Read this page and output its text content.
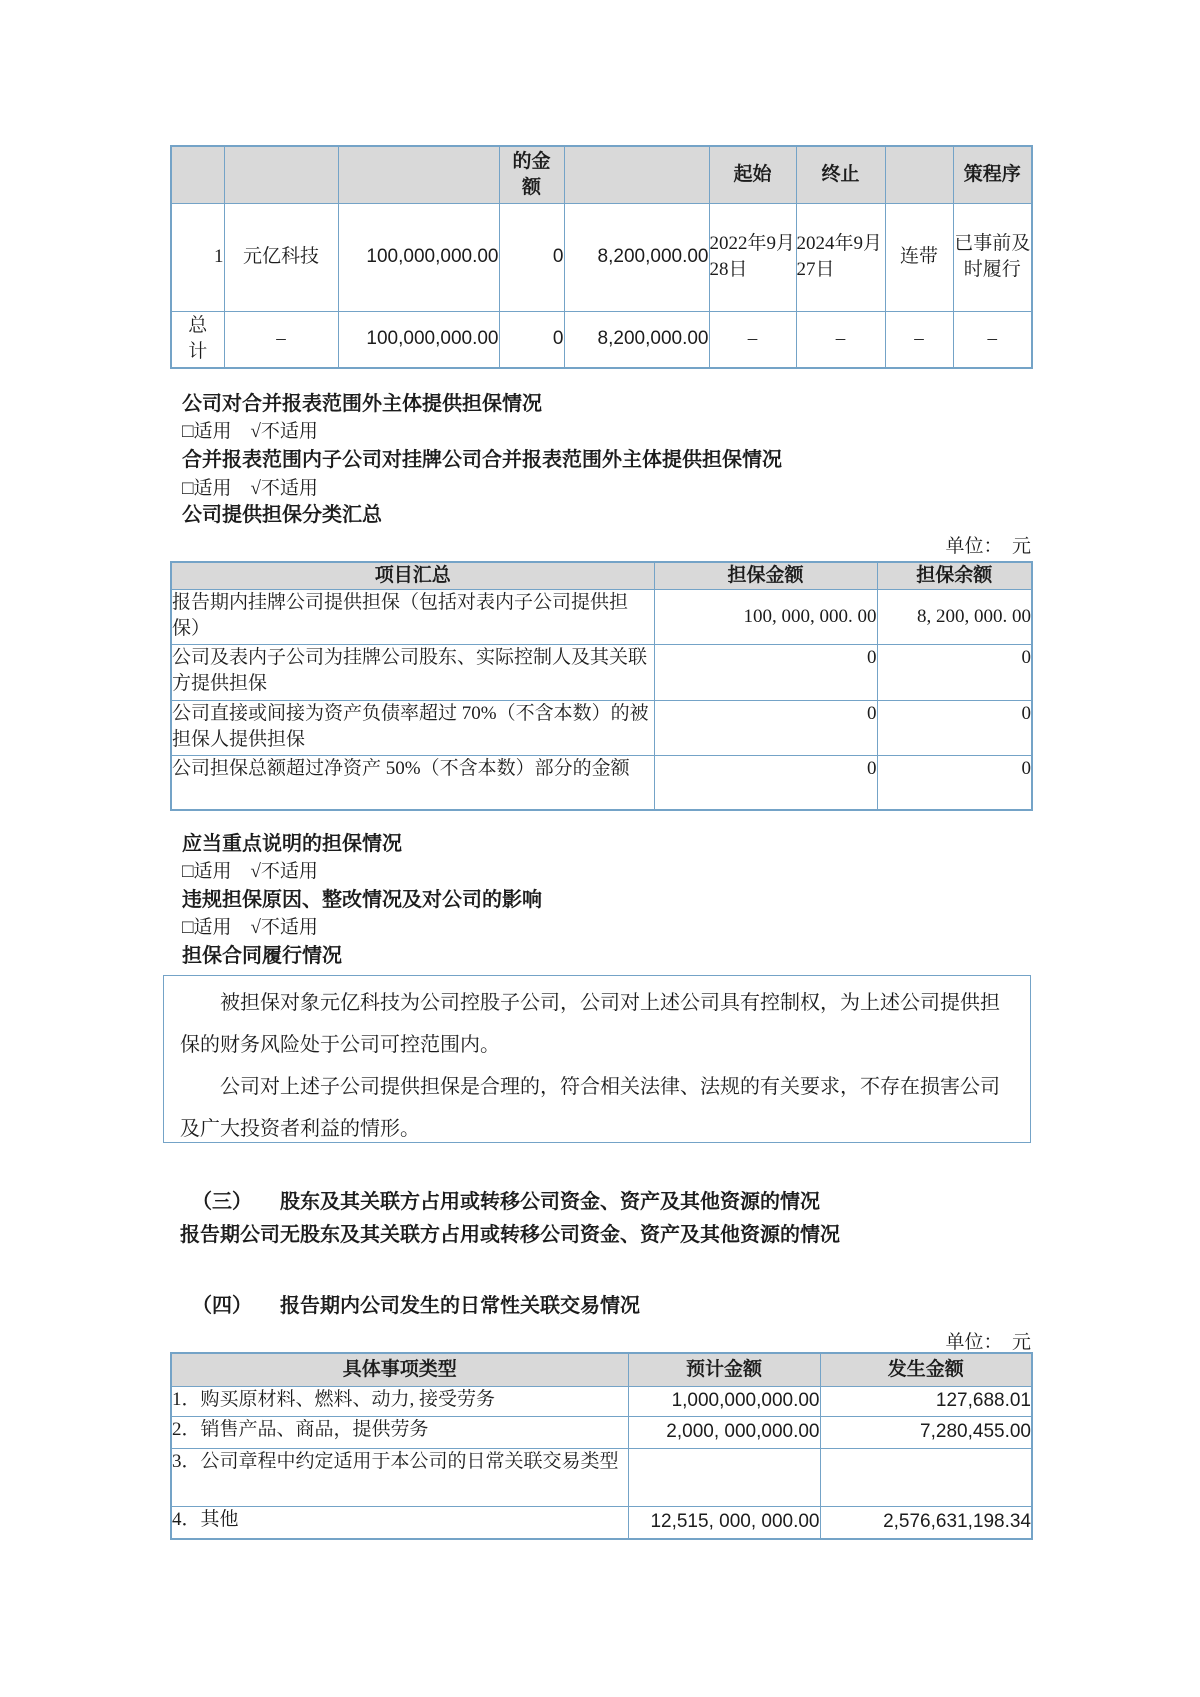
			的金额		起始	终止		策程序
1	元亿科技	100,000,000.00	0	8,200,000.00	2022年9月28日	2024年9月27日	连带	已事前及时履行
总计	–	100,000,000.00	0	8,200,000.00	–	–	–	–
公司对合并报表范围外主体提供担保情况
□适用　√不适用
合并报表范围内子公司对挂牌公司合并报表范围外主体提供担保情况
□适用　√不适用
公司提供担保分类汇总
单位：　元
项目汇总	担保金额	担保余额
报告期内挂牌公司提供担保（包括对表内子公司提供担保）	100, 000, 000. 00	8, 200, 000. 00
公司及表内子公司为挂牌公司股东、实际控制人及其关联方提供担保	0	0
公司直接或间接为资产负债率超过 70%（不含本数）的被担保人提供担保	0	0
公司担保总额超过净资产 50%（不含本数）部分的金额	0	0
应当重点说明的担保情况
□适用　√不适用
违规担保原因、整改情况及对公司的影响
□适用　√不适用
担保合同履行情况

被担保对象元亿科技为公司控股子公司，公司对上述公司具有控制权，为上述公司提供担保的财务风险处于公司可控范围内。

公司对上述子公司提供担保是合理的，符合相关法律、法规的有关要求，不存在损害公司及广大投资者利益的情形。

（三） 股东及其关联方占用或转移公司资金、资产及其他资源的情况
报告期公司无股东及其关联方占用或转移公司资金、资产及其他资源的情况
（四） 报告期内公司发生的日常性关联交易情况
单位：　元
具体事项类型	预计金额	发生金额
1．购买原材料、燃料、动力, 接受劳务	1,000,000,000.00	127,688.01
2．销售产品、商品，提供劳务	2,000, 000,000.00	7,280,455.00
3．公司章程中约定适用于本公司的日常关联交易类型		
4．其他	12,515, 000, 000.00	2,576,631,198.34
